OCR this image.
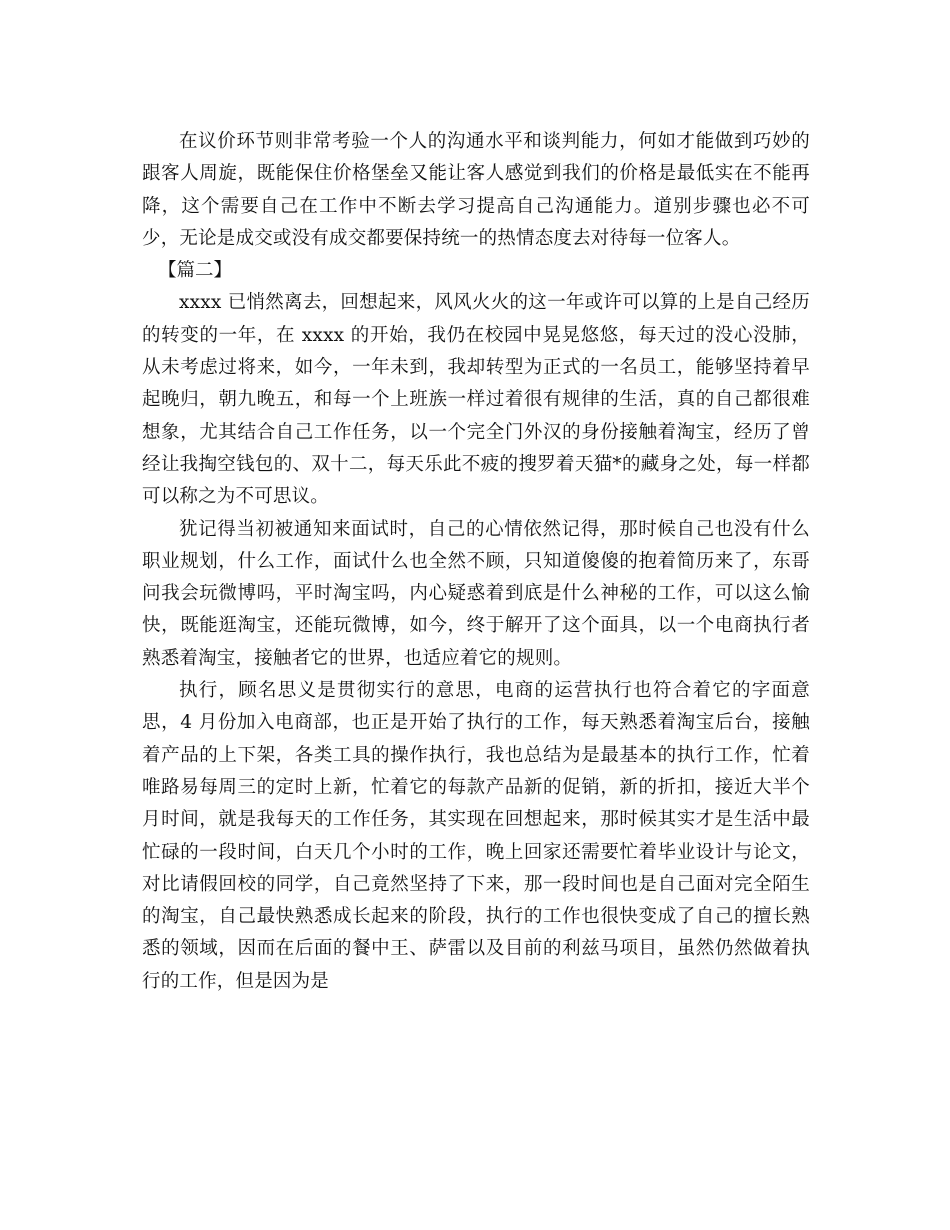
在议价环节则非常考验一个人的沟通水平和谈判能力，何如才能做到巧妙的跟客人周旋，既能保住价格堡垒又能让客人感觉到我们的价格是最低实在不能再降，这个需要自己在工作中不断去学习提高自己沟通能力。道别步骤也必不可少，无论是成交或没有成交都要保持统一的热情态度去对待每一位客人。

【篇二】

xxxx 已悄然离去，回想起来，风风火火的这一年或许可以算的上是自己经历的转变的一年，在 xxxx 的开始，我仍在校园中晃晃悠悠，每天过的没心没肺，从未考虑过将来，如今，一年未到，我却转型为正式的一名员工，能够坚持着早起晚归，朝九晚五，和每一个上班族一样过着很有规律的生活，真的自己都很难想象，尤其结合自己工作任务，以一个完全门外汉的身份接触着淘宝，经历了曾经让我掏空钱包的、双十二，每天乐此不疲的搜罗着天猫*的藏身之处，每一样都可以称之为不可思议。

犹记得当初被通知来面试时，自己的心情依然记得，那时候自己也没有什么职业规划，什么工作，面试什么也全然不顾，只知道傻傻的抱着简历来了，东哥问我会玩微博吗，平时淘宝吗，内心疑惑着到底是什么神秘的工作，可以这么愉快，既能逛淘宝，还能玩微博，如今，终于解开了这个面具，以一个电商执行者熟悉着淘宝，接触者它的世界，也适应着它的规则。

执行，顾名思义是贯彻实行的意思，电商的运营执行也符合着它的字面意思，4 月份加入电商部，也正是开始了执行的工作，每天熟悉着淘宝后台，接触着产品的上下架，各类工具的操作执行，我也总结为是最基本的执行工作，忙着唯路易每周三的定时上新，忙着它的每款产品新的促销，新的折扣，接近大半个月时间，就是我每天的工作任务，其实现在回想起来，那时候其实才是生活中最忙碌的一段时间，白天几个小时的工作，晚上回家还需要忙着毕业设计与论文，对比请假回校的同学，自己竟然坚持了下来，那一段时间也是自己面对完全陌生的淘宝，自己最快熟悉成长起来的阶段，执行的工作也很快变成了自己的擅长熟悉的领域，因而在后面的餐中王、萨雷以及目前的利兹马项目，虽然仍然做着执行的工作，但是因为是
